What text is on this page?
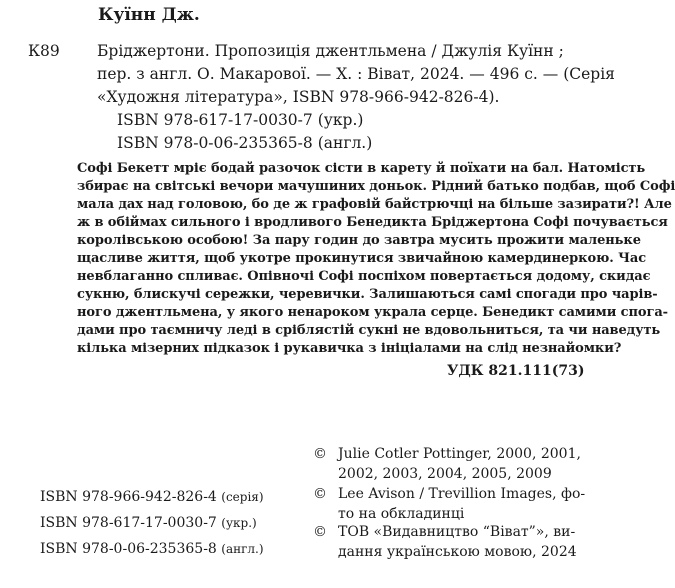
Куїнн Дж.
К89 Бріджертони. Пропозиція джентльмена / Джулія Куїнн ;
пер. з англ. О. Макарової. — Х. : Віват, 2024. — 496 с. — (Серія
«Художня література», ISBN 978-966-942-826-4).
ISBN 978-617-17-0030-7 (укр.)
ISBN 978-0-06-235365-8 (англ.)
Софі Бекетт мріє бодай разочок сісти в карету й поїхати на бал. Натомість
збирає на світські вечори мачушиних доньок. Рідний батько подбав, щоб Софі
мала дах над головою, бо де ж графовій байстрючці на більше зазирати?! Але
ж в обіймах сильного і вродливого Бенедикта Бріджертона Софі почувається
королівською особою! За пару годин до завтра мусить прожити маленьке
щасливе життя, щоб укотре прокинутися звичайною камердинеркою. Час
невблаганно спливає. Опівночі Софі поспіхом повертається додому, скидає
сукню, блискучі сережки, черевички. Залишаються самі спогади про чарів-
ного джентльмена, у якого ненароком украла серце. Бенедикт самими спога-
дами про таємничу леді в сріблястій сукні не вдовольниться, та чи наведуть
кілька мізерних підказок і рукавичка з ініціалами на слід незнайомки?
УДК 821.111(73)
© Julie Cotler Pottinger, 2000, 2001,
2002, 2003, 2004, 2005, 2009
© Lee Avison / Trevillion Images, фо-
то на обкладинці
© ТОВ «Видавництво “Віват”», ви-
дання українською мовою, 2024
ISBN 978-966-942-826-4 (серія)
ISBN 978-617-17-0030-7 (укр.)
ISBN 978-0-06-235365-8 (англ.)
